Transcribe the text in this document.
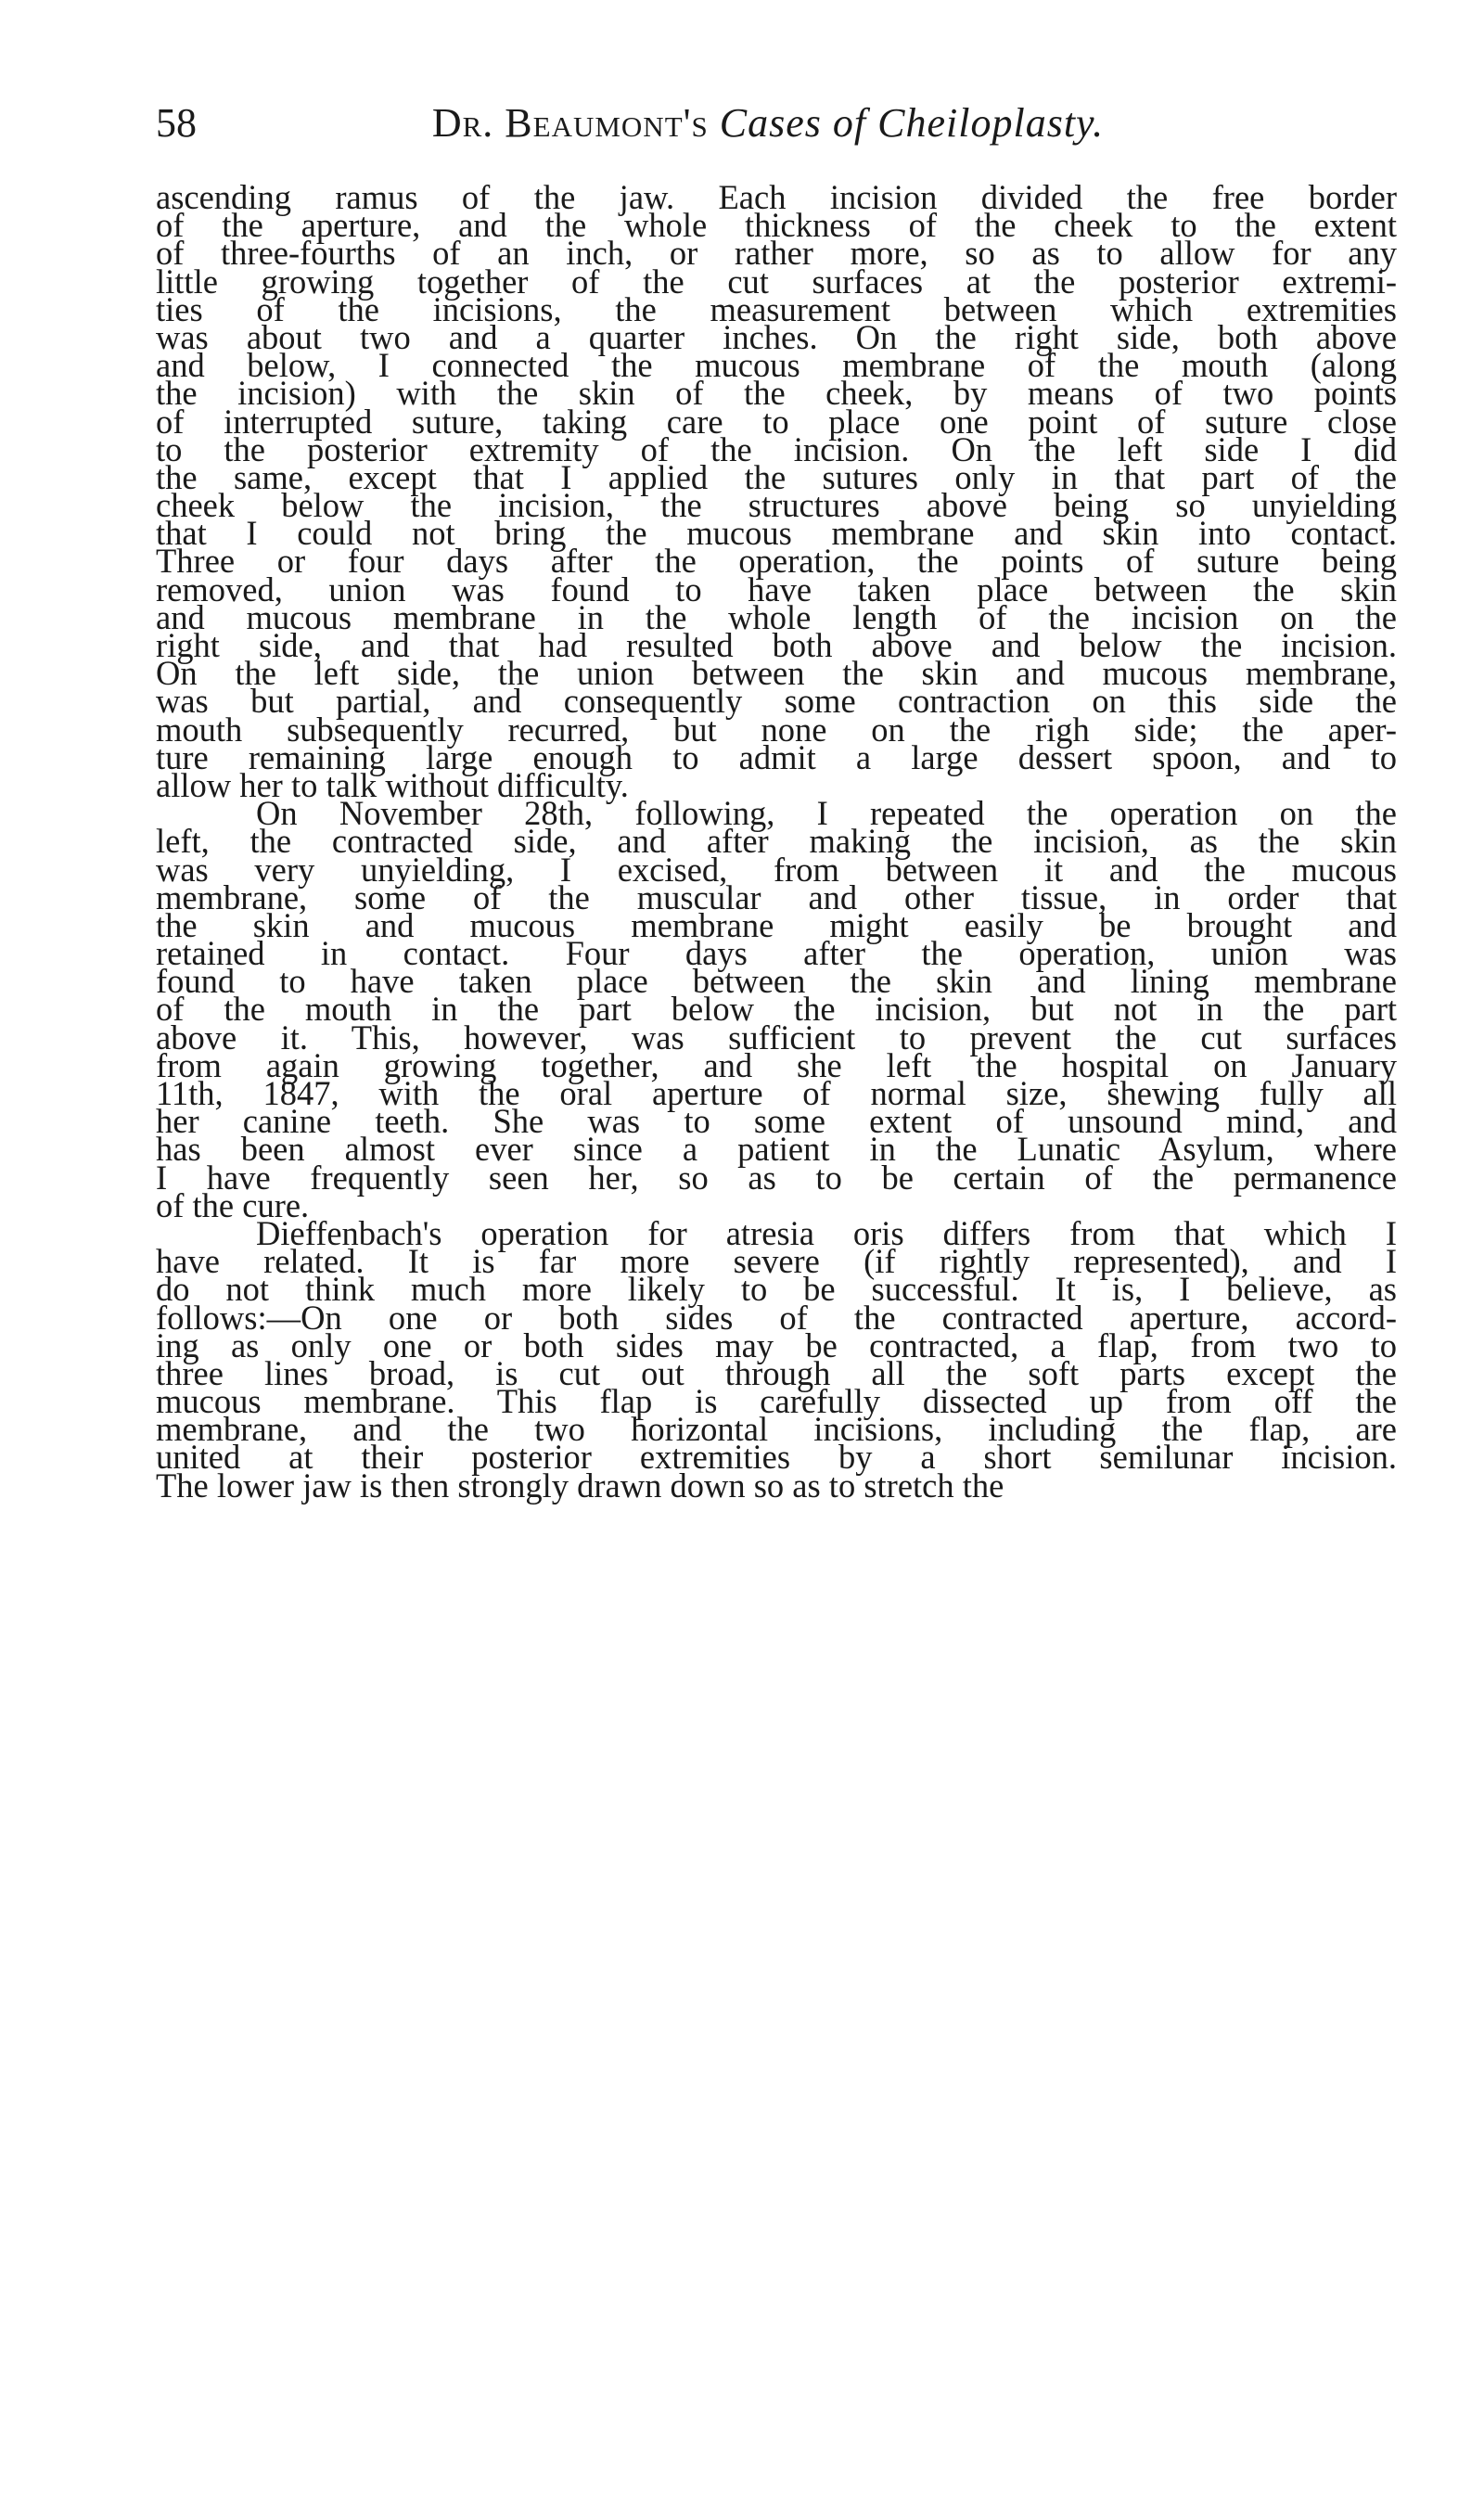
58	Dr. Beaumont's Cases of Cheiloplasty.
ascending ramus of the jaw. Each incision divided the free border
of the aperture, and the whole thickness of the cheek to the extent
of three-fourths of an inch, or rather more, so as to allow for any
little growing together of the cut surfaces at the posterior extremi-
ties of the incisions, the measurement between which extremities
was about two and a quarter inches. On the right side, both above
and below, I connected the mucous membrane of the mouth (along
the incision) with the skin of the cheek, by means of two points
of interrupted suture, taking care to place one point of suture close
to the posterior extremity of the incision. On the left side I did
the same, except that I applied the sutures only in that part of the
cheek below the incision, the structures above being so unyielding
that I could not bring the mucous membrane and skin into contact.
Three or four days after the operation, the points of suture being
removed, union was found to have taken place between the skin
and mucous membrane in the whole length of the incision on the
right side, and that had resulted both above and below the incision.
On the left side, the union between the skin and mucous membrane,
was but partial, and consequently some contraction on this side the
mouth subsequently recurred, but none on the righ side; the aper-
ture remaining large enough to admit a large dessert spoon, and to
allow her to talk without difficulty.
On November 28th, following, I repeated the operation on the
left, the contracted side, and after making the incision, as the skin
was very unyielding, I excised, from between it and the mucous
membrane, some of the muscular and other tissue, in order that
the skin and mucous membrane might easily be brought and
retained in contact. Four days after the operation, union was
found to have taken place between the skin and lining membrane
of the mouth in the part below the incision, but not in the part
above it. This, however, was sufficient to prevent the cut surfaces
from again growing together, and she left the hospital on January
11th, 1847, with the oral aperture of normal size, shewing fully all
her canine teeth. She was to some extent of unsound mind, and
has been almost ever since a patient in the Lunatic Asylum, where
I have frequently seen her, so as to be certain of the permanence
of the cure.
Dieffenbach's operation for atresia oris differs from that which I
have related. It is far more severe (if rightly represented), and I
do not think much more likely to be successful. It is, I believe, as
follows:—On one or both sides of the contracted aperture, accord-
ing as only one or both sides may be contracted, a flap, from two to
three lines broad, is cut out through all the soft parts except the
mucous membrane. This flap is carefully dissected up from off the
membrane, and the two horizontal incisions, including the flap, are
united at their posterior extremities by a short semilunar incision.
The lower jaw is then strongly drawn down so as to stretch the
